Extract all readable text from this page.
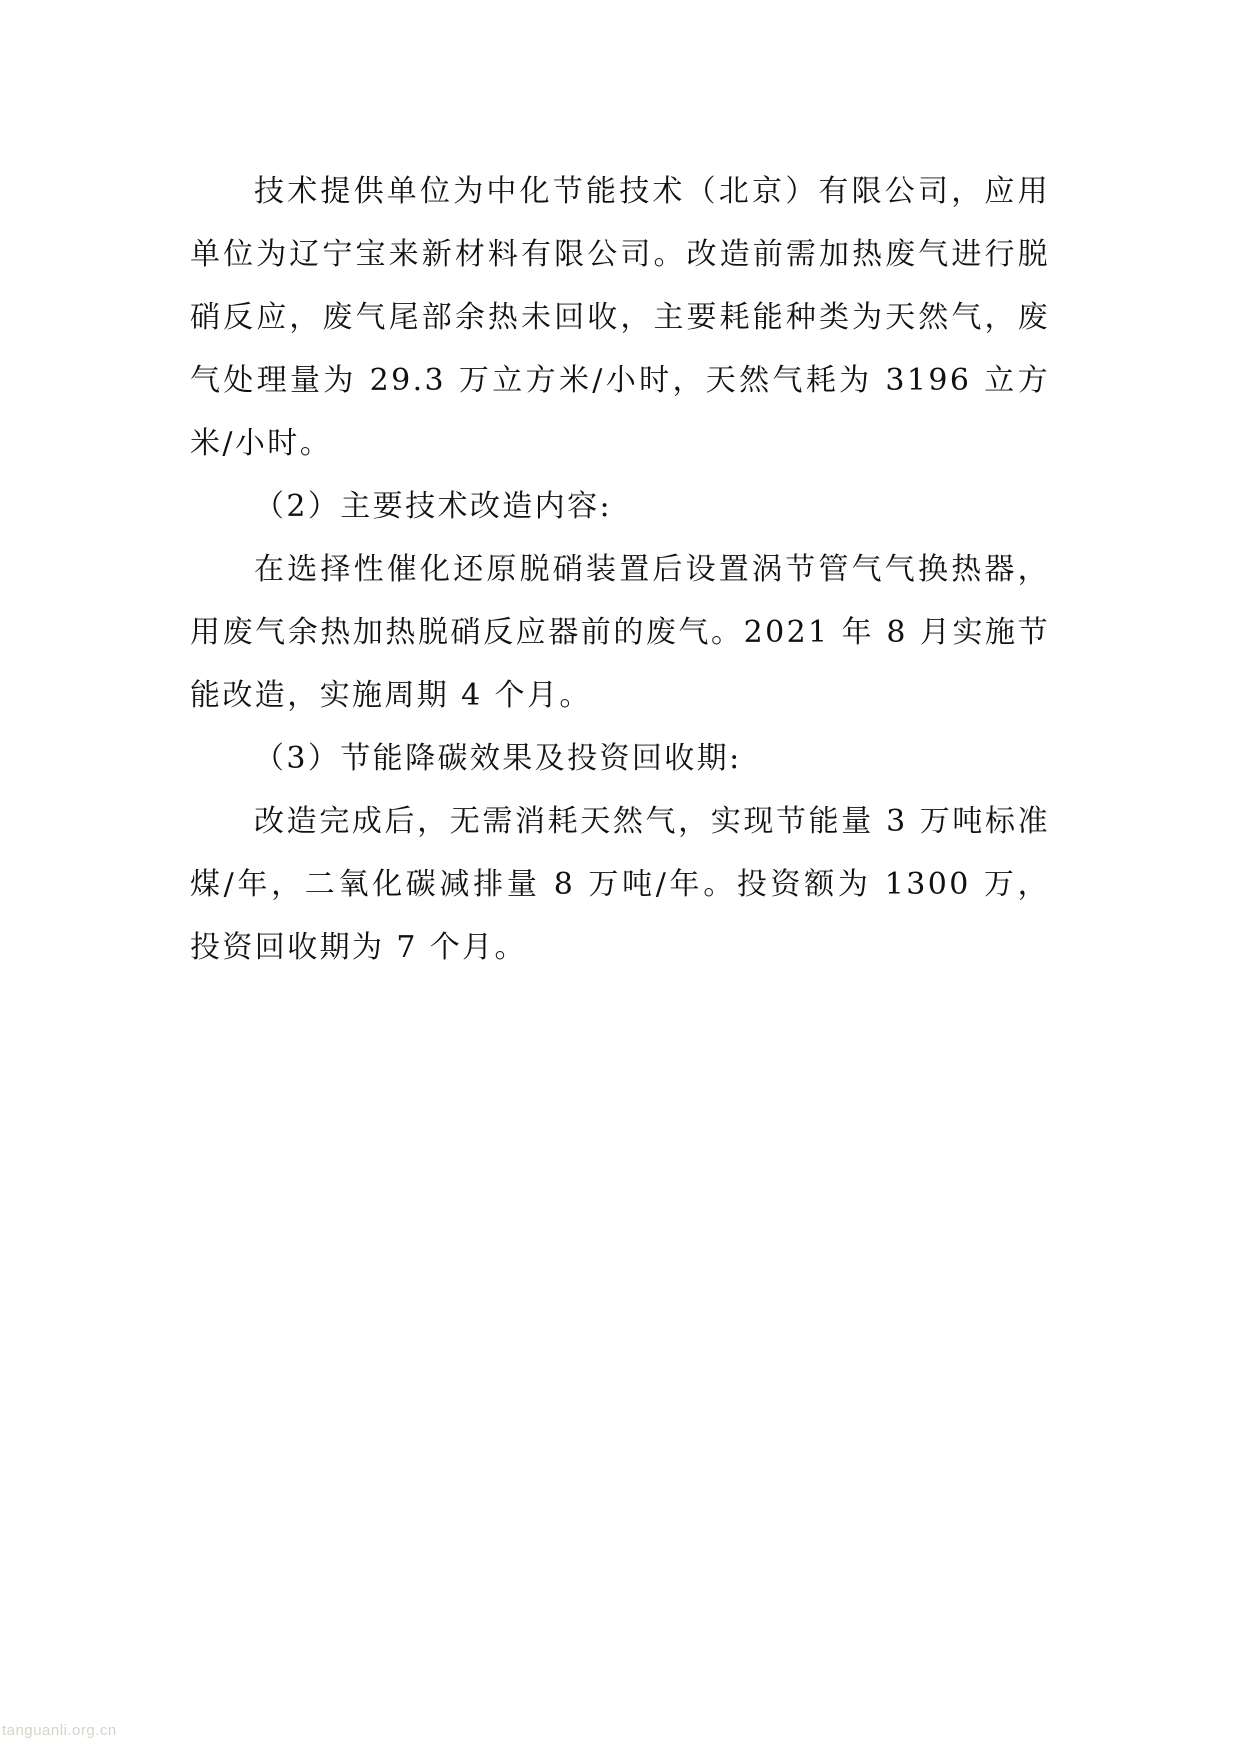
技术提供单位为中化节能技术（北京）有限公司，应用单位为辽宁宝来新材料有限公司。改造前需加热废气进行脱硝反应，废气尾部余热未回收，主要耗能种类为天然气，废气处理量为 29.3 万立方米/小时，天然气耗为 3196 立方米/小时。

（2）主要技术改造内容:

在选择性催化还原脱硝装置后设置涡节管气气换热器，用废气余热加热脱硝反应器前的废气。2021 年 8 月实施节能改造，实施周期 4 个月。

（3）节能降碳效果及投资回收期:

改造完成后，无需消耗天然气，实现节能量 3 万吨标准煤/年，二氧化碳减排量 8 万吨/年。投资额为 1300 万，投资回收期为 7 个月。

tanguanli.org.cn
